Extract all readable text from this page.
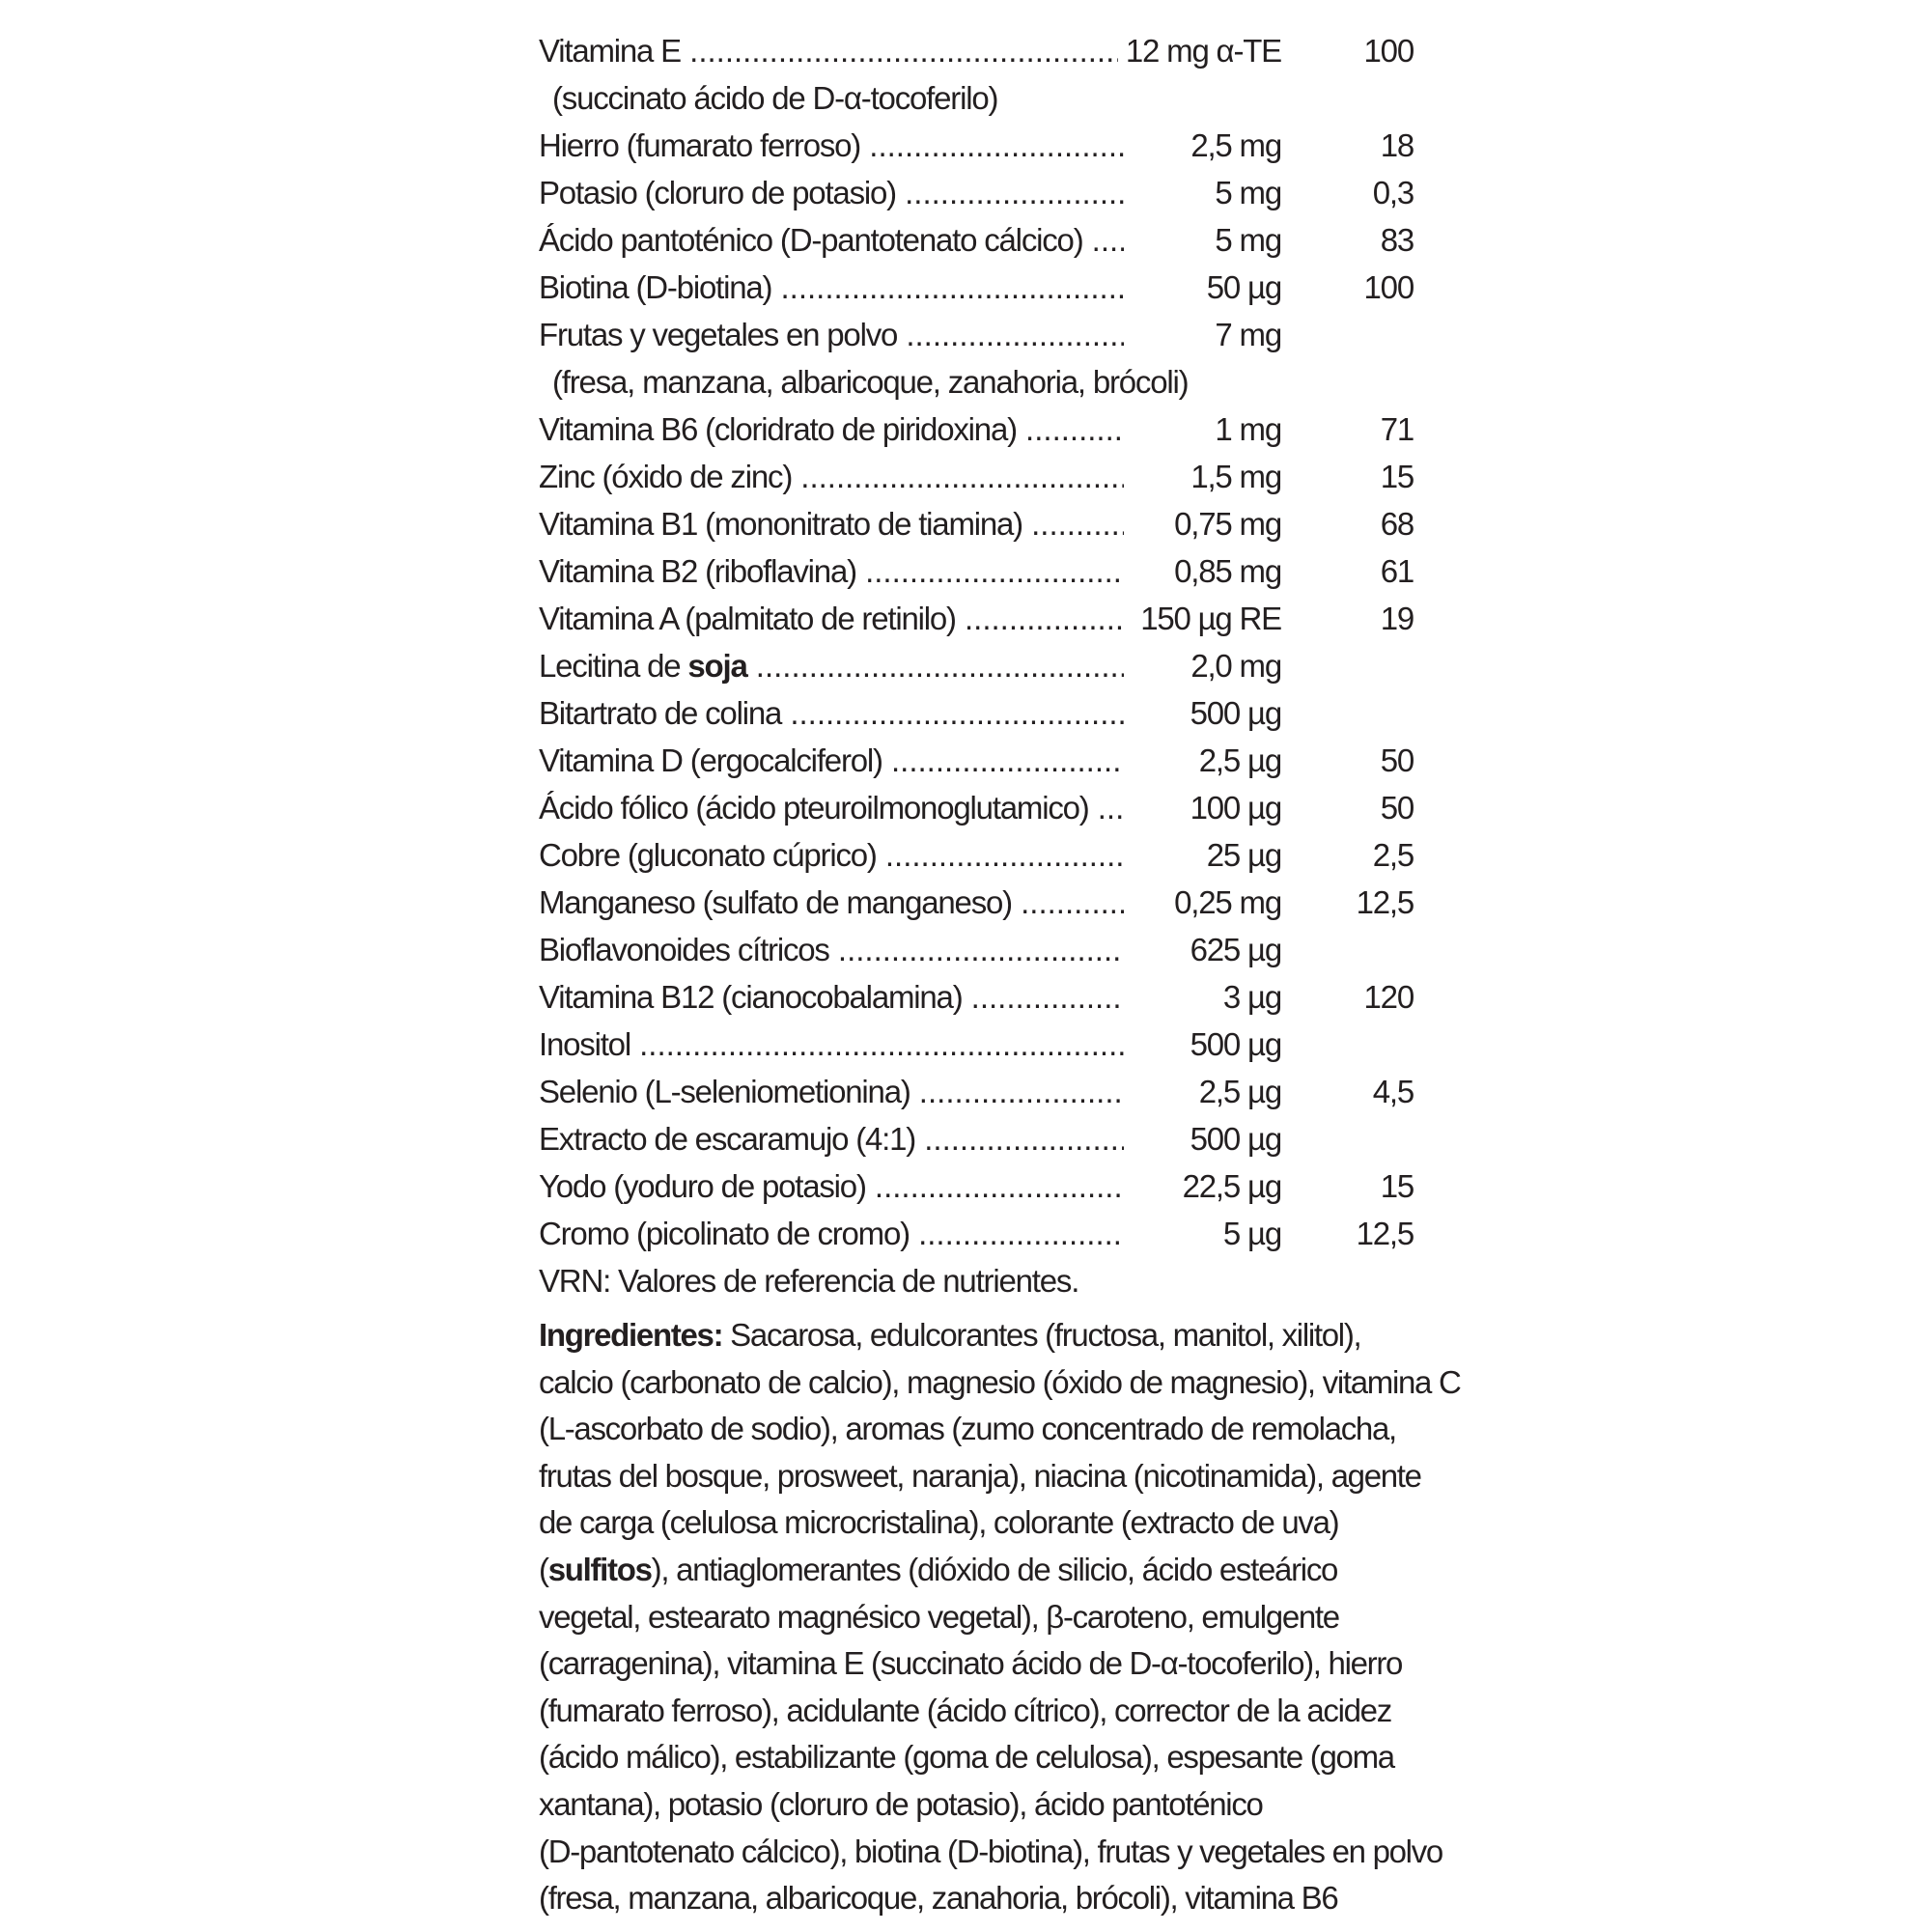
Vitamina E .....	12 mg α-TE	100
(succinato ácido de D-α-tocoferilo)
Hierro (fumarato ferroso) .....	2,5 mg	18
Potasio (cloruro de potasio) .....	5 mg	0,3
Ácido pantoténico (D-pantotenato cálcico) .....	5 mg	83
Biotina (D-biotina) .....	50 µg	100
Frutas y vegetales en polvo .....	7 mg
(fresa, manzana, albaricoque, zanahoria, brócoli)
Vitamina B6 (cloridrato de piridoxina) .....	1 mg	71
Zinc (óxido de zinc) .....	1,5 mg	15
Vitamina B1 (mononitrato de tiamina) .....	0,75 mg	68
Vitamina B2 (riboflavina) .....	0,85 mg	61
Vitamina A (palmitato de retinilo) .....	150 µg RE	19
Lecitina de soja .....	2,0 mg
Bitartrato de colina .....	500 µg
Vitamina D (ergocalciferol) .....	2,5 µg	50
Ácido fólico (ácido pteuroilmonoglutamico) .....	100 µg	50
Cobre (gluconato cúprico) .....	25 µg	2,5
Manganeso (sulfato de manganeso) .....	0,25 mg	12,5
Bioflavonoides cítricos .....	625 µg
Vitamina B12 (cianocobalamina) .....	3 µg	120
Inositol .....	500 µg
Selenio (L-seleniometionina) .....	2,5 µg	4,5
Extracto de escaramujo (4:1) .....	500 µg
Yodo (yoduro de potasio) .....	22,5 µg	15
Cromo (picolinato de cromo) .....	5 µg	12,5
VRN: Valores de referencia de nutrientes.
Ingredientes: Sacarosa, edulcorantes (fructosa, manitol, xilitol),
calcio (carbonato de calcio), magnesio (óxido de magnesio), vitamina C
(L-ascorbato de sodio), aromas (zumo concentrado de remolacha,
frutas del bosque, prosweet, naranja), niacina (nicotinamida), agente
de carga (celulosa microcristalina), colorante (extracto de uva)
(sulfitos), antiaglomerantes (dióxido de silicio, ácido esteárico
vegetal, estearato magnésico vegetal), β-caroteno, emulgente
(carragenina), vitamina E (succinato ácido de D-α-tocoferilo), hierro
(fumarato ferroso), acidulante (ácido cítrico), corrector de la acidez
(ácido málico), estabilizante (goma de celulosa), espesante (goma
xantana), potasio (cloruro de potasio), ácido pantoténico
(D-pantotenato cálcico), biotina (D-biotina), frutas y vegetales en polvo
(fresa, manzana, albaricoque, zanahoria, brócoli), vitamina B6
